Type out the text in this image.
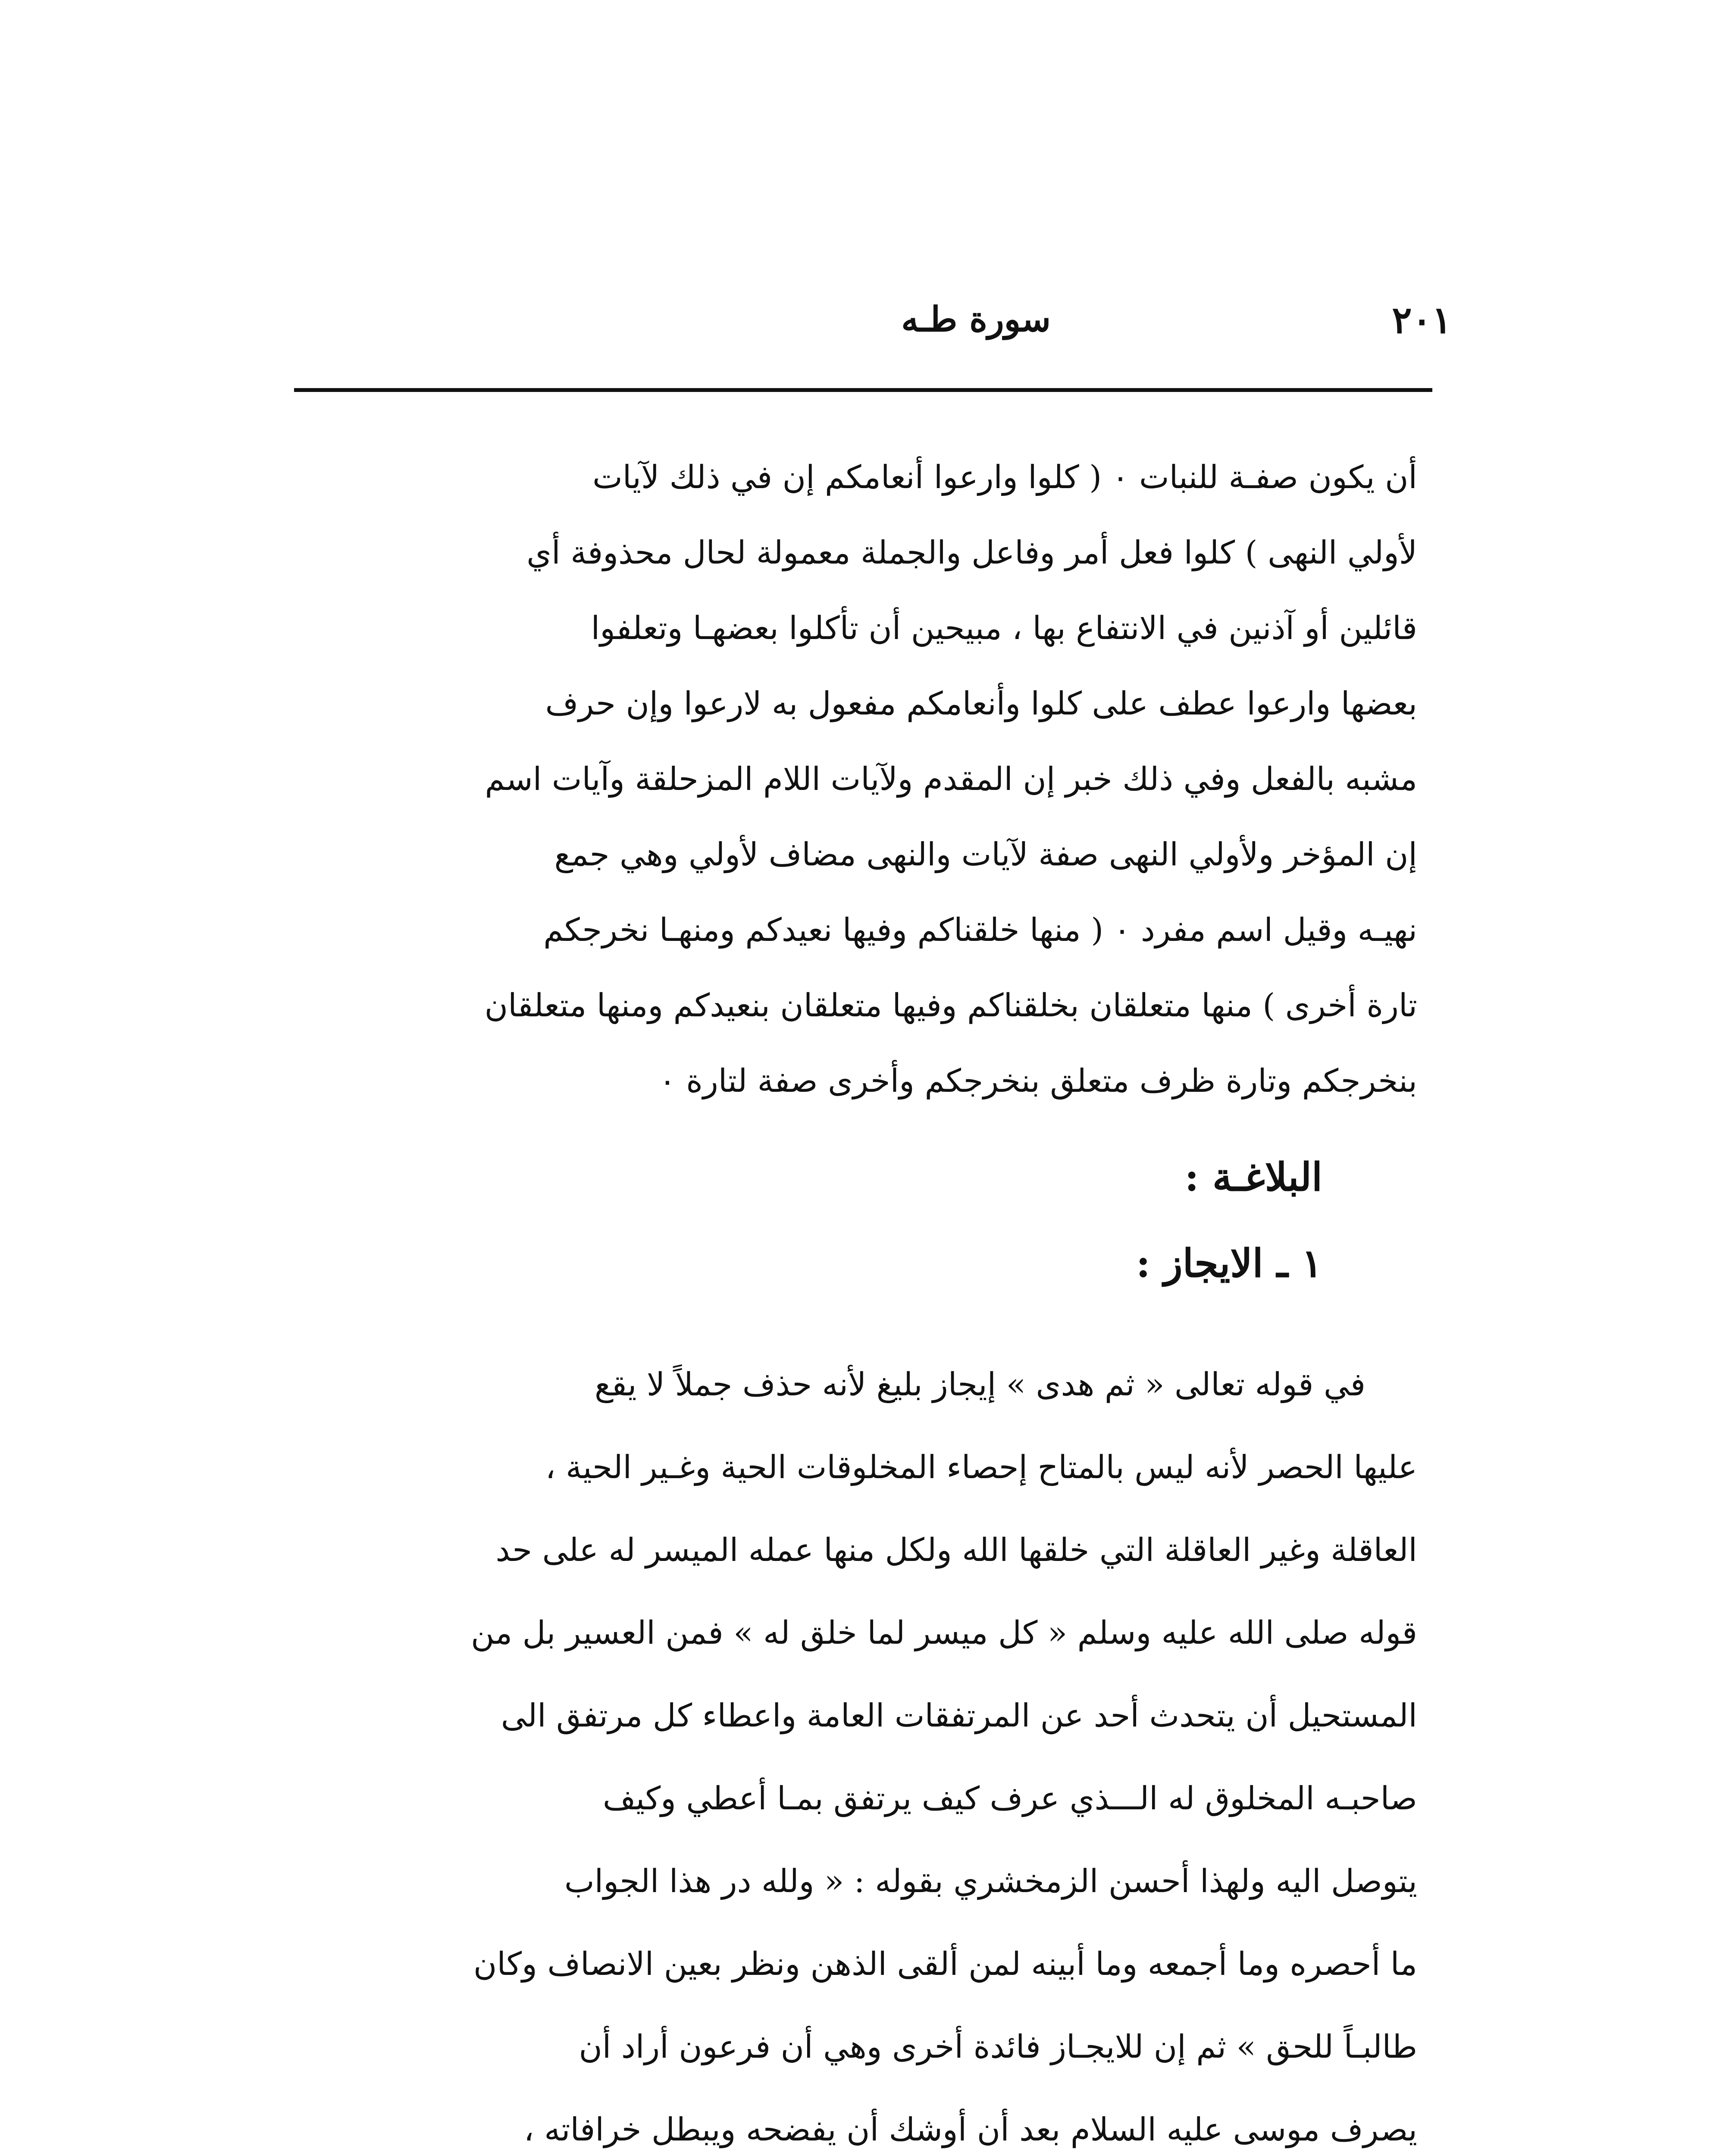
٢٠١
سورة طـه
أن يكون صفـة للنبات ٠ ( كلوا وارعوا أنعامكم إن في ذلك لآيات
لأولي النهى ) كلوا فعل أمر وفاعل والجملة معمولة لحال محذوفة أي
قائلين أو آذنين في الانتفاع بها ، مبيحين أن تأكلوا بعضهـا وتعلفوا
بعضها وارعوا عطف على كلوا وأنعامكم مفعول به لارعوا وإن حرف
مشبه بالفعل وفي ذلك خبر إن المقدم ولآيات اللام المزحلقة وآيات اسم
إن المؤخر ولأولي النهى صفة لآيات والنهى مضاف لأولي وهي جمع
نهيـه وقيل اسم مفرد ٠ ( منها خلقناكم وفيها نعيدكم ومنهـا نخرجكم
تارة أخرى ) منها متعلقان بخلقناكم وفيها متعلقان بنعيدكم ومنها متعلقان
بنخرجكم وتارة ظرف متعلق بنخرجكم وأخرى صفة لتارة ٠
البلاغـة :
١ ـ الايجاز :
في قوله تعالى « ثم هدى » إيجاز بليغ لأنه حذف جملاً لا يقع
عليها الحصر لأنه ليس بالمتاح إحصاء المخلوقات الحية وغـير الحية ،
العاقلة وغير العاقلة التي خلقها الله ولكل منها عمله الميسر له على حد
قوله صلى الله عليه وسلم « كل ميسر لما خلق له » فمن العسير بل من
المستحيل أن يتحدث أحد عن المرتفقات العامة واعطاء كل مرتفق الى
صاحبـه المخلوق له الـــذي عرف كيف يرتفق بمـا أعطي وكيف
يتوصل اليه ولهذا أحسن الزمخشري بقوله : « ولله در هذا الجواب
ما أحصره وما أجمعه وما أبينه لمن ألقى الذهن ونظر بعين الانصاف وكان
طالبـاً للحق » ثم إن للايجـاز فائدة أخرى وهي أن فرعون أراد أن
يصرف موسى عليه السلام بعد أن أوشك أن يفضحه ويبطل خرافاته ،
